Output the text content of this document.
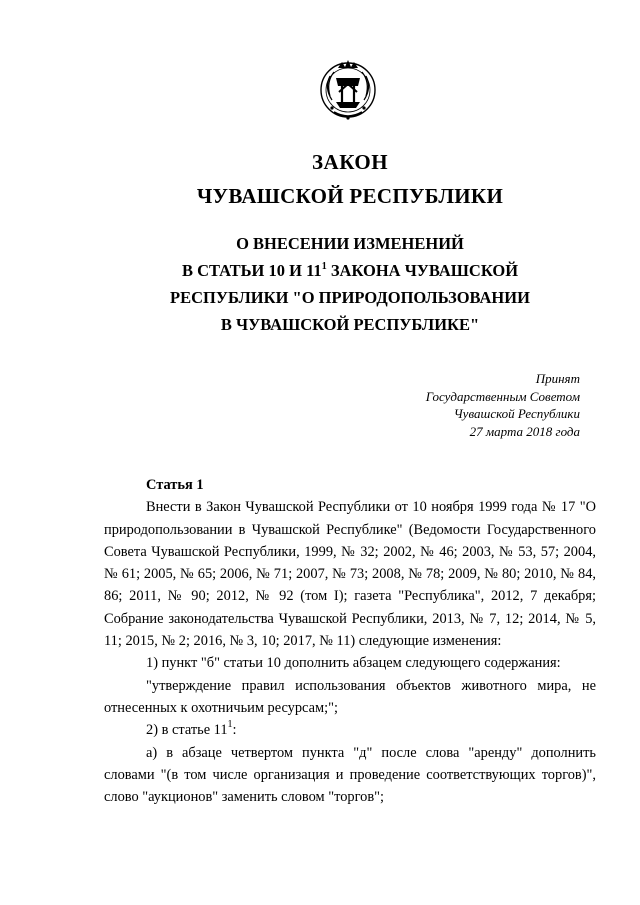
ЗАКОН
ЧУВАШСКОЙ РЕСПУБЛИКИ
О ВНЕСЕНИИ ИЗМЕНЕНИЙ
В СТАТЬИ 10 И $11^1$ ЗАКОНА ЧУВАШСКОЙ
РЕСПУБЛИКИ "О ПРИРОДОПОЛЬЗОВАНИИ
В ЧУВАШСКОЙ РЕСПУБЛИКЕ"
Принят
Государственным Советом
Чувашской Республики
27 марта 2018 года
Статья 1

Внести в Закон Чувашской Республики от 10 ноября 1999 года № 17 "О природопользовании в Чувашской Республике" (Ведомости Государственного Совета Чувашской Республики, 1999, № 32; 2002, № 46; 2003, № 53, 57; 2004, № 61; 2005, № 65; 2006, № 71; 2007, № 73; 2008, № 78; 2009, № 80; 2010, № 84, 86; 2011, № 90; 2012, № 92 (том I); газета "Республика", 2012, 7 декабря; Собрание законодательства Чувашской Республики, 2013, № 7, 12; 2014, № 5, 11; 2015, № 2; 2016, № 3, 10; 2017, № 11) следующие изменения:

1) пункт "б" статьи 10 дополнить абзацем следующего содержания:

"утверждение правил использования объектов животного мира, не отнесенных к охотничьим ресурсам;";

2) в статье $11^1$:

а) в абзаце четвертом пункта "д" после слова "аренду" дополнить словами "(в том числе организация и проведение соответствующих торгов)", слово "аукционов" заменить словом "торгов";
